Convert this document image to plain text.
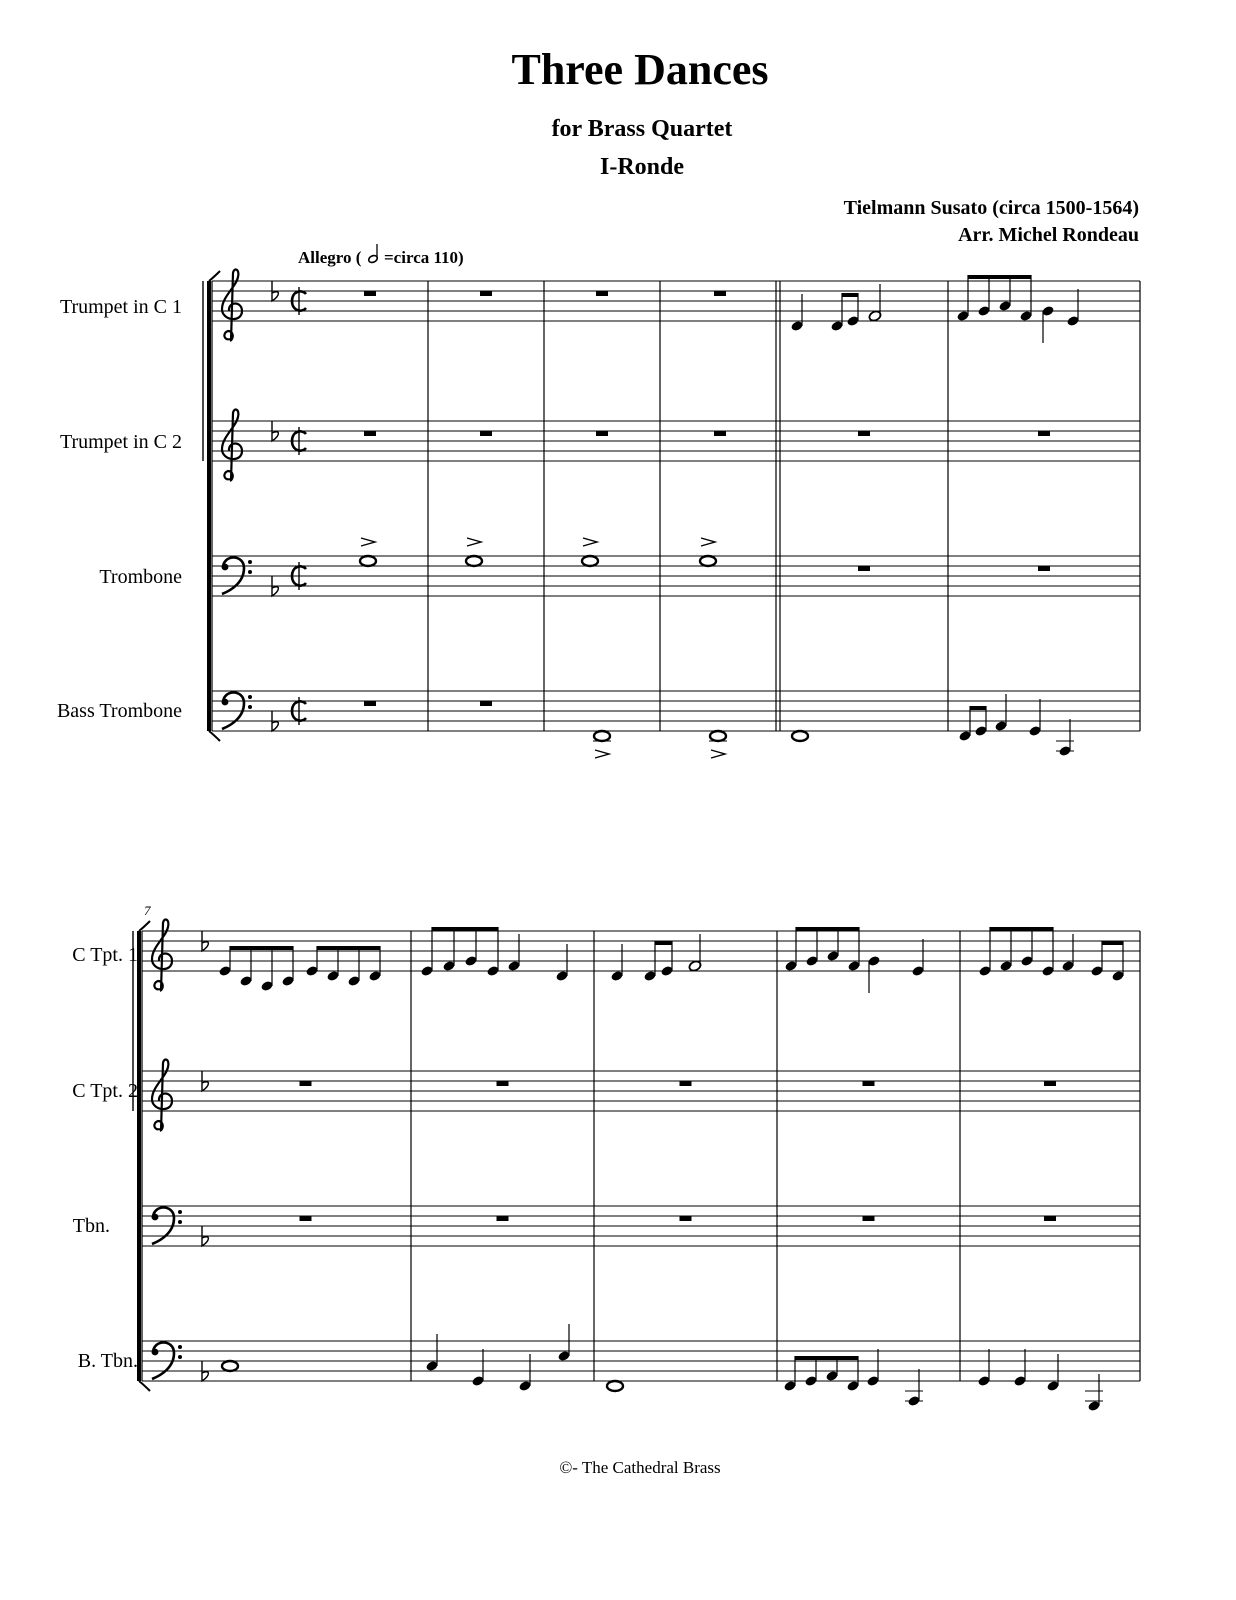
Three Dances
for Brass Quartet
I-Ronde
Tielmann Susato (circa 1500-1564)
Arr. Michel Rondeau
Trumpet in C 1
Trumpet in C 2
Trombone
Bass Trombone
C Tpt. 1
C Tpt. 2
Tbn.
B. Tbn.
©- The Cathedral Brass
Allegro ( =circa 110)
7
